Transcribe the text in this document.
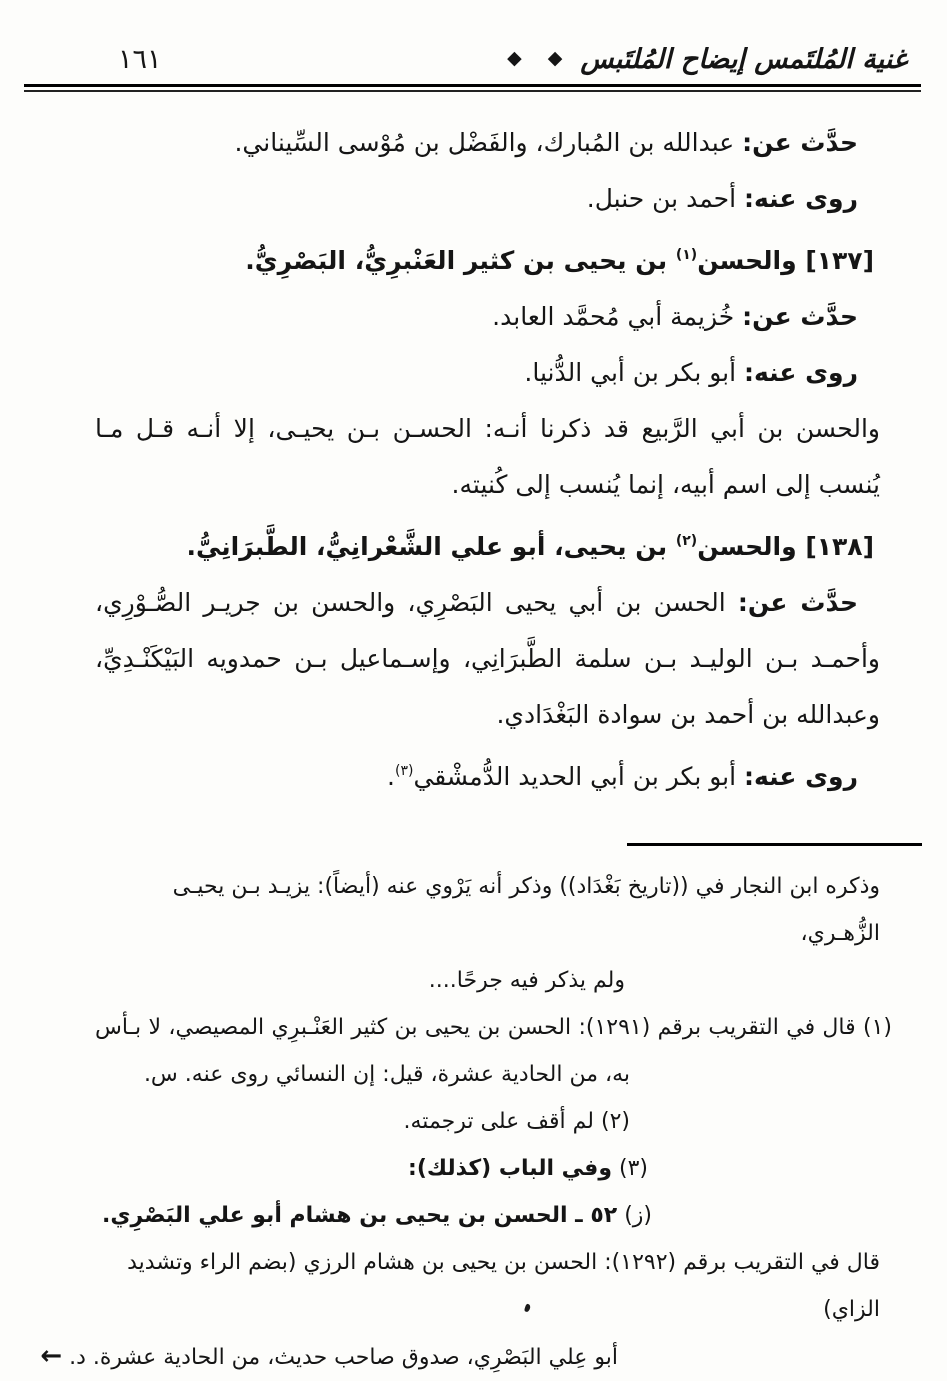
غنية المُلتَمس إيضاح المُلتَبس
◆ ◆
١٦١
حدَّث عن: عبدالله بن المُبارك، والفَضْل بن مُوْسى السِّيناني.
روى عنه: أحمد بن حنبل.
[١٣٧] والحسن$^{(١)}$ بن يحيى بن كثير العَنْبرِيُّ، البَصْرِيُّ.
حدَّث عن: خُزيمة أبي مُحمَّد العابد.
روى عنه: أبو بكر بن أبي الدُّنيا.
والحسن بن أبي الرَّبيع قد ذكرنا أنـه: الحسـن بـن يحيـى، إلا أنـه قـل مـا
يُنسب إلى اسم أبيه، إنما يُنسب إلى كُنيته.
[١٣٨] والحسن$^{(٢)}$ بن يحيى، أبو علي الشَّعْرانِيُّ، الطَّبرَانِيُّ.
حدَّث عن: الحسن بن أبي يحيى البَصْرِي، والحسن بن جريـر الصُّـوْرِي،
وأحمـد بـن الوليـد بـن سلمة الطَّبرَانِي، وإسـماعيل بـن حمدويه البَيْكَنْـدِيِّ،
وعبدالله بن أحمد بن سوادة البَغْدَادي.
روى عنه: أبو بكر بن أبي الحديد الدُّمشْقي$^{(٣)}$.
وذكره ابن النجار في ((تاريخ بَغْدَاد)) وذكر أنه يَرْوي عنه (أيضاً): يزيـد بـن يحيـى الزُّهـري،
ولم يذكر فيه جرحًا....
(١) قال في التقريب برقم (١٢٩١): الحسن بن يحيى بن كثير العَنْـبرِي المصيصي، لا بـأس
به، من الحادية عشرة، قيل: إن النسائي روى عنه. س.
(٢) لم أقف على ترجمته.
(٣) وفي الباب (كذلك):
(ز) ٥٢ ـ الحسن بن يحيى بن هشام أبو علي البَصْرِي.
قال في التقريب برقم (١٢٩٢): الحسن بن يحيى بن هشام الرزي (بضم الراء وتشديد الزاي)
أبو عِلي البَصْرِي، صدوق صاحب حديث، من الحادية عشرة. د. ←
